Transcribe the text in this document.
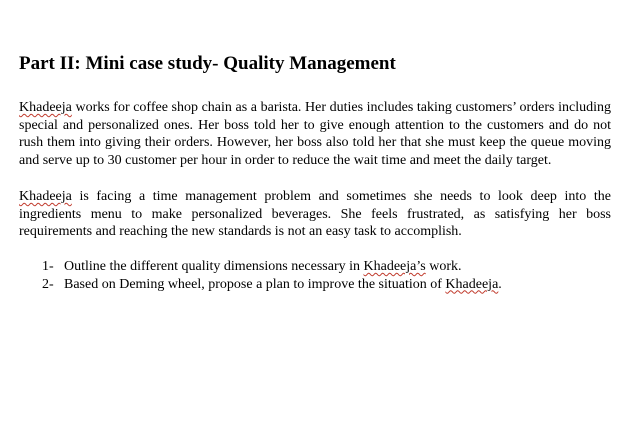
Part II: Mini case study- Quality Management

Khadeeja works for coffee shop chain as a barista. Her duties includes taking customers’ orders including special and personalized ones. Her boss told her to give enough attention to the customers and do not rush them into giving their orders. However, her boss also told her that she must keep the queue moving and serve up to 30 customer per hour in order to reduce the wait time and meet the daily target.

Khadeeja is facing a time management problem and sometimes she needs to look deep into the ingredients menu to make personalized beverages. She feels frustrated, as satisfying her boss requirements and reaching the new standards is not an easy task to accomplish.

1- Outline the different quality dimensions necessary in Khadeeja’s work.
2- Based on Deming wheel, propose a plan to improve the situation of Khadeeja.
